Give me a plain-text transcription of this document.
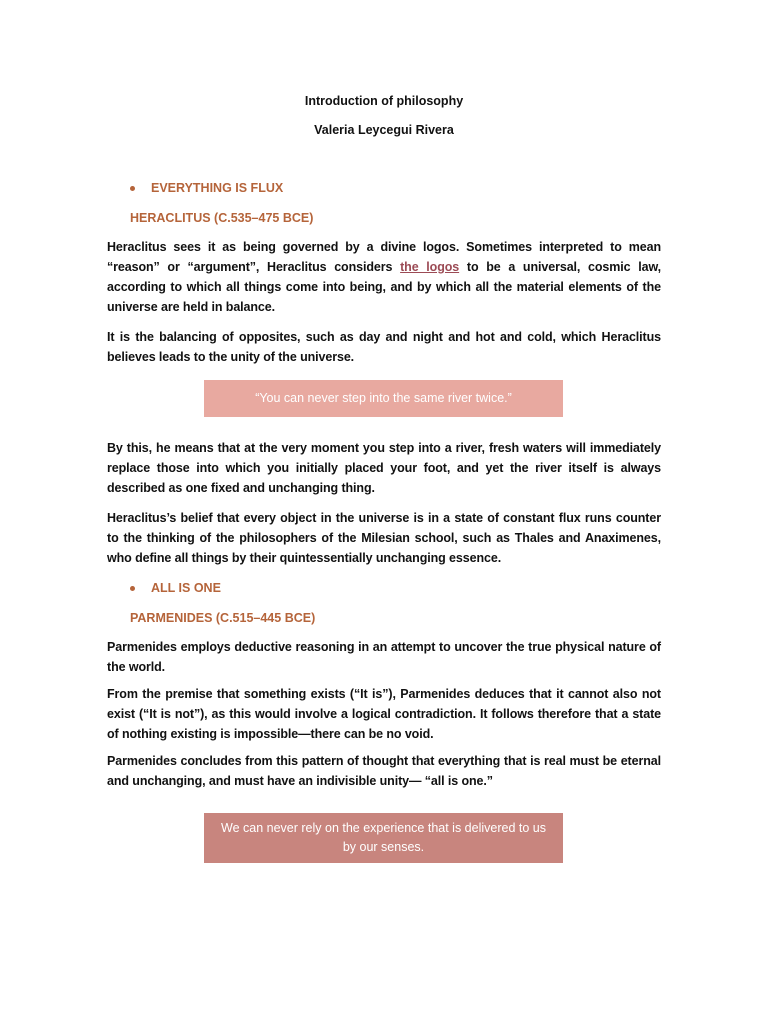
Introduction of philosophy
Valeria Leycegui Rivera
EVERYTHING IS FLUX
HERACLITUS (C.535–475 BCE)
Heraclitus sees it as being governed by a divine logos. Sometimes interpreted to mean “reason” or “argument”, Heraclitus considers the logos to be a universal, cosmic law, according to which all things come into being, and by which all the material elements of the universe are held in balance.
It is the balancing of opposites, such as day and night and hot and cold, which Heraclitus believes leads to the unity of the universe.
“You can never step into the same river twice.”
By this, he means that at the very moment you step into a river, fresh waters will immediately replace those into which you initially placed your foot, and yet the river itself is always described as one fixed and unchanging thing.
Heraclitus’s belief that every object in the universe is in a state of constant flux runs counter to the thinking of the philosophers of the Milesian school, such as Thales and Anaximenes, who define all things by their quintessentially unchanging essence.
ALL IS ONE
PARMENIDES (C.515–445 BCE)
Parmenides employs deductive reasoning in an attempt to uncover the true physical nature of the world.
From the premise that something exists (“It is”), Parmenides deduces that it cannot also not exist (“It is not”), as this would involve a logical contradiction. It follows therefore that a state of nothing existing is impossible—there can be no void.
Parmenides concludes from this pattern of thought that everything that is real must be eternal and unchanging, and must have an indivisible unity— “all is one.”
We can never rely on the experience that is delivered to us by our senses.
